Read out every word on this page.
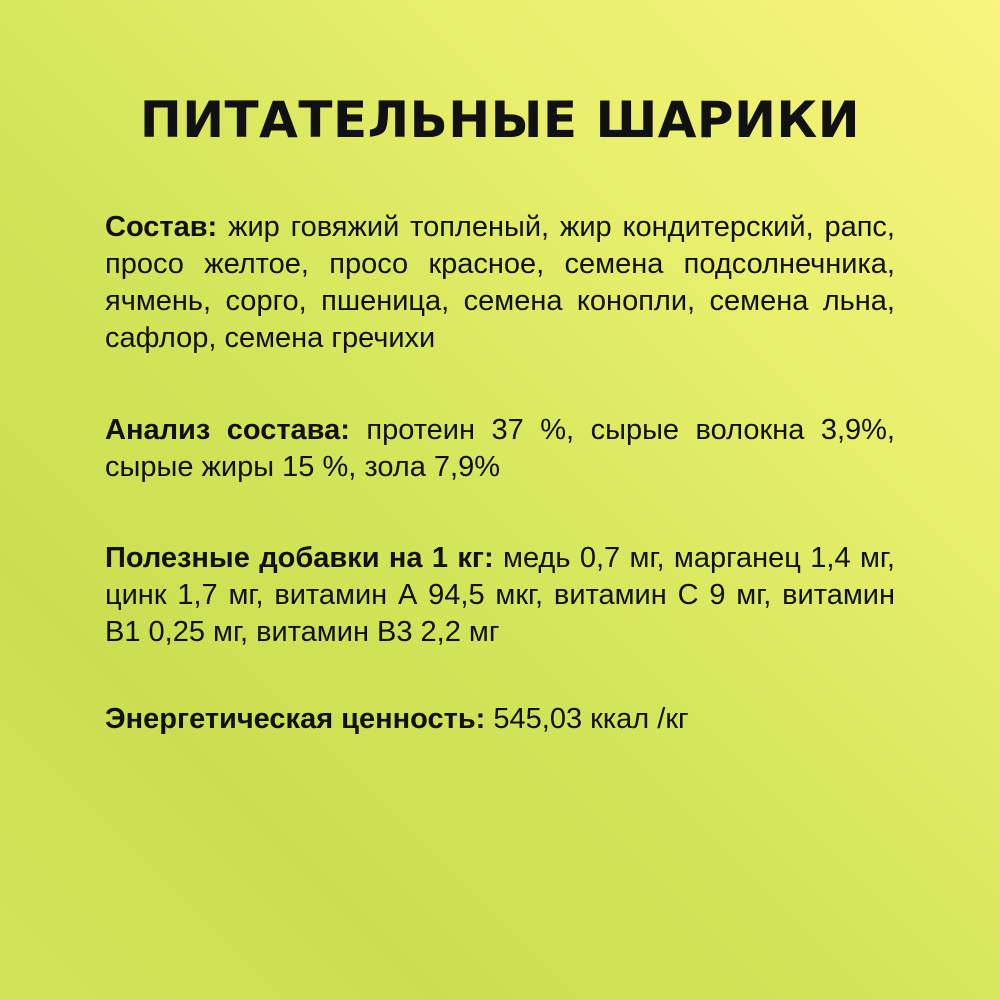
ПИТАТЕЛЬНЫЕ ШАРИКИ

Состав: жир говяжий топленый, жир кондитерский, рапс, просо желтое, просо красное, семена подсолнечника, ячмень, сорго, пшеница, семена конопли, семена льна, сафлор, семена гречихи

Анализ состава: протеин 37 %, сырые волокна 3,9%, сырые жиры 15 %, зола 7,9%

Полезные добавки на 1 кг: медь 0,7 мг, марганец 1,4 мг, цинк 1,7 мг, витамин А 94,5 мкг, витамин С 9 мг, витамин В1 0,25 мг, витамин В3 2,2 мг

Энергетическая ценность: 545,03 ккал /кг
